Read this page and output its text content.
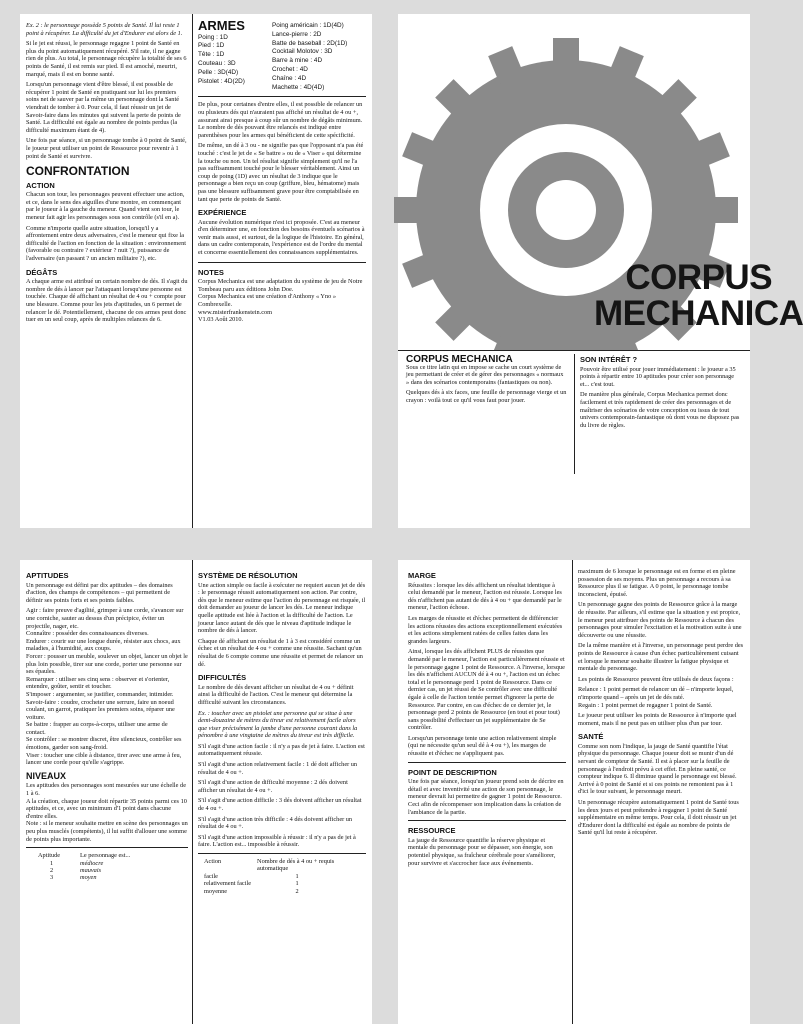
Ex. 2 : le personnage possède 5 points de Santé. Il lui reste 1 point à récupérer. La difficulté du jet d'Endurer est alors de 1.

Si le jet est réussi, le personnage regagne 1 point de Santé en plus du point automatiquement récupéré. S'il rate, il ne gagne rien de plus. Au total, le personnage récupère la totalité de ses 6 points de Santé, il est remis sur pied. Il est amoché, meurtri, marqué, mais il est en bonne santé.

Lorsqu'un personnage vient d'être blessé, il est possible de récupérer 1 point de Santé en pratiquant sur lui les premiers soins net de sauver par la même un personnage dont la Santé viendrait de tomber à 0. Pour cela, il faut réussir un jet de Savoir-faire dans les minutes qui suivent la perte de points de Santé. La difficulté est égale au nombre de points perdus (la difficulté maximum étant de 4).

Une fois par séance, si un personnage tombe à 0 point de Santé, le joueur peut utiliser un point de Ressource pour revenir à 1 point de Santé et survivre.

CONFRONTATION
ACTION

Chacun son tour, les personnages peuvent effectuer une action, et ce, dans le sens des aiguilles d'une montre, en commençant par le joueur à la gauche du meneur. Quand vient son tour, le meneur fait agir les personnages sous son contrôle (s'il en a).

Comme n'importe quelle autre situation, lorsqu'il y a affrontement entre deux adversaires, c'est le meneur qui fixe la difficulté de l'action en fonction de la situation : environnement (favorable ou contraire ? extérieur ? nuit ?), puissance de l'adversaire (un passant ? un ancien militaire ?), etc.

DÉGÂTS

A chaque arme est attribué un certain nombre de dés. Il s'agit du nombre de dés à lancer par l'attaquant lorsqu'une personne est touchée. Chaque dé affichant un résultat de 4 ou + compte pour une blessure. Comme pour les jets d'aptitudes, un 6 permet de relancer le dé. Potentiellement, chacune de ces armes peut donc tuer en un seul coup, après de multiples relances de 6.

ARMES
Poing : 1D
Pied : 1D
Tête : 1D
Couteau : 3D
Pelle : 3D(4D)
Pistolet : 4D(2D)
Poing américain : 1D(4D)
Lance-pierre : 2D
Batte de baseball : 2D(1D)
Cocktail Molotov : 3D
Barre à mine : 4D
Crochet : 4D
Chaîne : 4D
Machette : 4D(4D)

De plus, pour certaines d'entre elles, il est possible de relancer un ou plusieurs dés qui n'auraient pas affiché un résultat de 4 ou +, assurant ainsi presque à coup sûr un nombre de dégâts minimum. Le nombre de dés pouvant être relancés est indiqué entre parenthèses pour les armes qui bénéficient de cette spécificité.

De même, un dé à 3 ou - ne signifie pas que l'opposant n'a pas été touché : c'est le jet de « Se battre » ou de « Viser » qui détermine la touche ou non. Un tel résultat signifie simplement qu'il ne l'a pas suffisamment touché pour le blesser véritablement. Ainsi un coup de poing (1D) avec un résultat de 3 indique que le personnage a bien reçu un coup (griffure, bleu, hématome) mais pas une blessure suffisamment grave pour être comptabilisée en tant que perte de points de Santé.

EXPÉRIENCE

Aucune évolution numérique n'est ici proposée. C'est au meneur d'en déterminer une, en fonction des besoins éventuels scénarios à venir mais aussi, et surtout, de la logique de l'histoire. En général, dans un cadre contemporain, l'expérience est de l'ordre du mental et concerne essentiellement des connaissances supplémentaires.

NOTES

Corpus Mechanica est une adaptation du système de jeu de Notre Tombeau paru aux éditions John Doe.

Corpus Mechanica est une création d'Anthony « Yno » Combrexelle.

www.misterfrankenstein.com

V1.03 Août 2010.

CORPUS
MECHANICA
CORPUS MECHANICA

Sous ce titre latin qui en impose se cache un court système de jeu permettant de créer et de gérer des personnages « normaux » dans des scénarios contemporains (fantastiques ou non).

Quelques dés à six faces, une feuille de personnage vierge et un crayon : voilà tout ce qu'il vous faut pour jouer.

SON INTÉRÊT ?

Pouvoir être utilisé pour jouer immédiatement : le joueur a 35 points à répartir entre 10 aptitudes pour créer son personnage et... c'est tout.

De manière plus générale, Corpus Mechanica permet donc facilement et très rapidement de créer des personnages et de maîtriser des scénarios de votre conception ou issus de tout univers contemporain-fantastique où dont vous ne disposez pas du livre de règles.

APTITUDES

Un personnage est défini par dix aptitudes – des domaines d'action, des champs de compétences – qui permettent de définir ses points forts et ses points faibles.

Agir : faire preuve d'agilité, grimper à une corde, s'avancer sur une corniche, sauter au dessus d'un précipice, éviter un projectile, nager, etc.

Connaître : posséder des connaissances diverses.

Endurer : courir sur une longue durée, résister aux chocs, aux maladies, à l'humidité, aux coups.

Forcer : pousser un meuble, soulever un objet, lancer un objet le plus loin possible, tirer sur une corde, porter une personne sur ses épaules.

Remarquer : utiliser ses cinq sens : observer et s'orienter, entendre, goûter, sentir et toucher.

S'imposer : argumenter, se justifier, commander, intimider.

Savoir-faire : coudre, crocheter une serrure, faire un noeud coulant, un garrot, pratiquer les premiers soins, réparer une voiture.

Se battre : frapper au corps-à-corps, utiliser une arme de contact.

Se contrôler : se montrer discret, être silencieux, contrôler ses émotions, garder son sang-froid.

Viser : toucher une cible à distance, tirer avec une arme à feu, lancer une corde pour qu'elle s'agrippe.

NIVEAUX

Les aptitudes des personnages sont mesurées sur une échelle de 1 à 6.

A la création, chaque joueur doit répartir 35 points parmi ces 10 aptitudes, et ce, avec un minimum d'1 point dans chacune d'entre elles.

Note : si le meneur souhaite mettre en scène des personnages un peu plus musclés (compétents), il lui suffit d'allouer une somme de points plus importante.

Aptitude	Le personnage est...
1	médiocre
2	mauvais
3	moyen
SYSTÈME DE RÉSOLUTION

Une action simple ou facile à exécuter ne requiert aucun jet de dés : le personnage réussit automatiquement son action. Par contre, dès que le meneur estime que l'action du personnage est risquée, il doit demander au joueur de lancer les dés. Le meneur indique quelle aptitude est liée à l'action et la difficulté de l'action. Le joueur lance autant de dés que le niveau d'aptitude indique le nombre de dés à lancer.

Chaque dé affichant un résultat de 1 à 3 est considéré comme un échec et un résultat de 4 ou + comme une réussite. Sachant qu'un résultat de 6 compte comme une réussite et permet de relancer un dé.

DIFFICULTÉS

Le nombre de dés devant afficher un résultat de 4 ou + définit ainsi la difficulté de l'action. C'est le meneur qui détermine la difficulté suivant les circonstances.

Ex. : toucher avec un pistolet une personne qui se situe à une demi-douzaine de mètres du tireur est relativement facile alors que viser précisément la jambe d'une personne courant dans la pénombre à une vingtaine de mètres du tireur est très difficile.

S'il s'agit d'une action facile : il n'y a pas de jet à faire. L'action est automatiquement réussie.

S'il s'agit d'une action relativement facile : 1 dé doit afficher un résultat de 4 ou +.

S'il s'agit d'une action de difficulté moyenne : 2 dés doivent afficher un résultat de 4 ou +.

S'il s'agit d'une action difficile : 3 dés doivent afficher un résultat de 4 ou +.

S'il s'agit d'une action très difficile : 4 dés doivent afficher un résultat de 4 ou +.

S'il s'agit d'une action impossible à réussir : il n'y a pas de jet à faire. L'action est... impossible à réussir.

Action	Nombre de dés à 4 ou + requis automatique
facile	1
relativement facile	1
moyenne	2
MARGE

Réussites : lorsque les dés affichent un résultat identique à celui demandé par le meneur, l'action est réussie. Lorsque les dés n'affichent pas autant de dés à 4 ou + que demandé par le meneur, l'action échoue.

Les marges de réussite et d'échec permettent de différencier les actions réussies des actions exceptionnellement exécutées et les actions simplement ratées de celles faites dans les grandes largeurs.

Ainsi, lorsque les dés affichent PLUS de réussites que demandé par le meneur, l'action est particulièrement réussie et le personnage gagne 1 point de Ressource. A l'inverse, lorsque les dés n'affichent AUCUN dé à 4 ou +, l'action est un échec total et le personnage perd 1 point de Ressource. Dans ce dernier cas, un jet réussi de Se contrôler avec une difficulté égale à celle de l'action tentée permet d'ignorer la perte de Ressource. Par contre, en cas d'échec de ce dernier jet, le personnage perd 2 points de Ressource (en tout et pour tout) sans possibilité d'effectuer un jet supplémentaire de Se contrôler.

Lorsqu'un personnage tente une action relativement simple (qui ne nécessite qu'un seul dé à 4 ou +), les marges de réussite et d'échec ne s'appliquent pas.

POINT DE DESCRIPTION

Une fois par séance, lorsqu'un joueur prend soin de décrire en détail et avec inventivité une action de son personnage, le meneur devrait lui permettre de gagner 1 point de Ressource. Ceci afin de récompenser son implication dans la création de l'ambiance de la partie.

RESSOURCE

La jauge de Ressource quantifie la réserve physique et mentale du personnage pour se dépasser, son énergie, son potentiel physique, sa fraîcheur cérébrale pour s'améliorer, pour survivre et s'accrocher face aux événements.

maximum de 6 lorsque le personnage est en forme et en pleine possession de ses moyens. Plus un personnage a recours à sa Ressource plus il se fatigue. A 0 point, le personnage tombe inconscient, épuisé.

Un personnage gagne des points de Ressource grâce à la marge de réussite. Par ailleurs, s'il estime que la situation y est propice, le meneur peut attribuer des points de Ressource à chacun des personnages pour simuler l'excitation et la motivation suite à une découverte ou une réussite.

De la même manière et à l'inverse, un personnage peut perdre des points de Ressource à cause d'un échec particulièrement cuisant et lorsque le meneur souhaite illustrer la fatigue physique et mentale du personnage.

Les points de Ressource peuvent être utilisés de deux façons :

Relance : 1 point permet de relancer un dé – n'importe lequel, n'importe quand – après un jet de dés raté.

Regain : 1 point permet de regagner 1 point de Santé.

Le joueur peut utiliser les points de Ressource à n'importe quel moment, mais il ne peut pas en utiliser plus d'un par tour.

SANTÉ

Comme son nom l'indique, la jauge de Santé quantifie l'état physique du personnage. Chaque joueur doit se munir d'un dé servant de compteur de Santé. Il est à placer sur la feuille de personnage à l'endroit prévu à cet effet. En pleine santé, ce compteur indique 6. Il diminue quand le personnage est blessé. Arrivé à 0 point de Santé et si ces points ne remontent pas à 1 d'ici le tour suivant, le personnage meurt.

Un personnage récupère automatiquement 1 point de Santé tous les deux jours et peut prétendre à regagner 1 point de Santé supplémentaire en même temps. Pour cela, il doit réussir un jet d'Endurer dont la difficulté est égale au nombre de points de Santé qu'il lui reste à récupérer.
